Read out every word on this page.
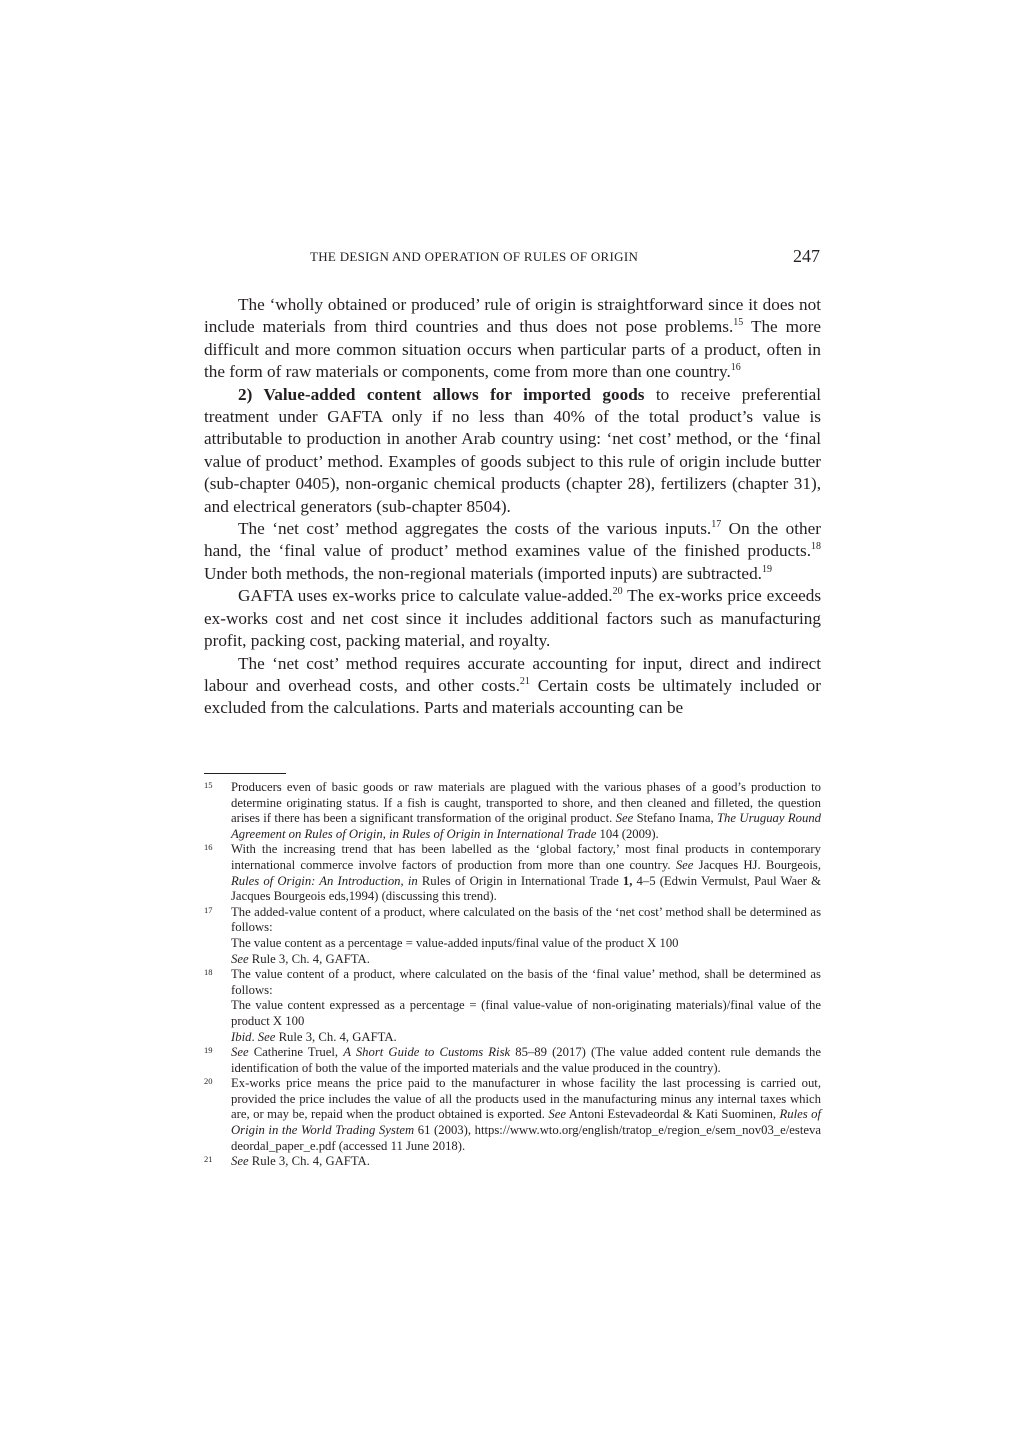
THE DESIGN AND OPERATION OF RULES OF ORIGIN	247

The ‘wholly obtained or produced’ rule of origin is straightforward since it does not include materials from third countries and thus does not pose problems.$^{15}$ The more difficult and more common situation occurs when particular parts of a product, often in the form of raw materials or components, come from more than one country.$^{16}$

2) Value-added content allows for imported goods to receive preferential treatment under GAFTA only if no less than 40% of the total product’s value is attributable to production in another Arab country using: ‘net cost’ method, or the ‘final value of product’ method. Examples of goods subject to this rule of origin include butter (sub-chapter 0405), non-organic chemical products (chapter 28), fertilizers (chapter 31), and electrical generators (sub-chapter 8504).

The ‘net cost’ method aggregates the costs of the various inputs.$^{17}$ On the other hand, the ‘final value of product’ method examines value of the finished products.$^{18}$ Under both methods, the non-regional materials (imported inputs) are subtracted.$^{19}$

GAFTA uses ex-works price to calculate value-added.$^{20}$ The ex-works price exceeds ex-works cost and net cost since it includes additional factors such as manufacturing profit, packing cost, packing material, and royalty.

The ‘net cost’ method requires accurate accounting for input, direct and indirect labour and overhead costs, and other costs.$^{21}$ Certain costs be ultimately included or excluded from the calculations. Parts and materials accounting can be

15 Producers even of basic goods or raw materials are plagued with the various phases of a good’s production to determine originating status. If a fish is caught, transported to shore, and then cleaned and filleted, the question arises if there has been a significant transformation of the original product. See Stefano Inama, The Uruguay Round Agreement on Rules of Origin, in Rules of Origin in International Trade 104 (2009).
16 With the increasing trend that has been labelled as the ‘global factory,’ most final products in contemporary international commerce involve factors of production from more than one country. See Jacques HJ. Bourgeois, Rules of Origin: An Introduction, in Rules of Origin in International Trade 1, 4–5 (Edwin Vermulst, Paul Waer & Jacques Bourgeois eds,1994) (discussing this trend).
17 The added-value content of a product, where calculated on the basis of the ‘net cost’ method shall be determined as follows:
The value content as a percentage = value-added inputs/final value of the product X 100
See Rule 3, Ch. 4, GAFTA.
18 The value content of a product, where calculated on the basis of the ‘final value’ method, shall be determined as follows:
The value content expressed as a percentage = (final value-value of non-originating materials)/final value of the product X 100
Ibid. See Rule 3, Ch. 4, GAFTA.
19 See Catherine Truel, A Short Guide to Customs Risk 85–89 (2017) (The value added content rule demands the identification of both the value of the imported materials and the value produced in the country).
20 Ex-works price means the price paid to the manufacturer in whose facility the last processing is carried out, provided the price includes the value of all the products used in the manufacturing minus any internal taxes which are, or may be, repaid when the product obtained is exported. See Antoni Estevadeordal & Kati Suominen, Rules of Origin in the World Trading System 61 (2003), https://www.wto.org/english/tratop_e/region_e/sem_nov03_e/estevadeordal_paper_e.pdf (accessed 11 June 2018).
21 See Rule 3, Ch. 4, GAFTA.
